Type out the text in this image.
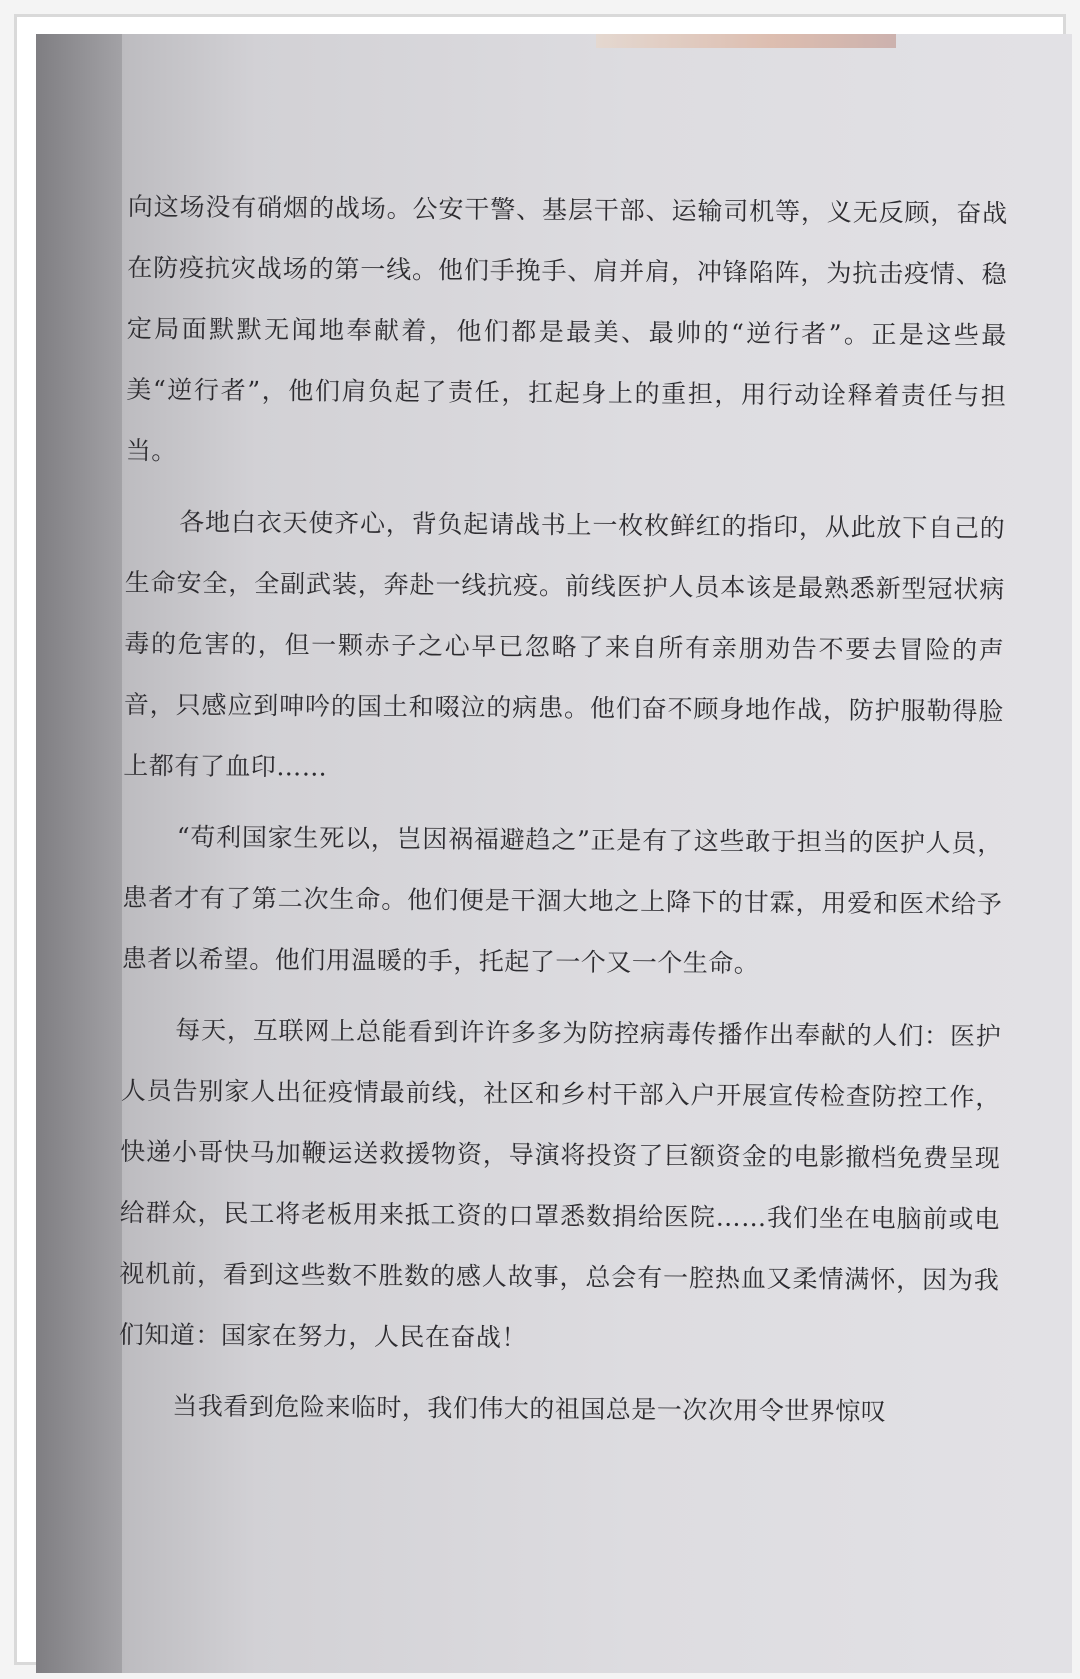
向这场没有硝烟的战场。公安干警、基层干部、运输司机等，义无反顾，奋战在防疫抗灾战场的第一线。他们手挽手、肩并肩，冲锋陷阵，为抗击疫情、稳定局面默默无闻地奉献着，他们都是最美、最帅的“逆行者”。正是这些最美“逆行者”，他们肩负起了责任，扛起身上的重担，用行动诠释着责任与担当。

各地白衣天使齐心，背负起请战书上一枚枚鲜红的指印，从此放下自己的生命安全，全副武装，奔赴一线抗疫。前线医护人员本该是最熟悉新型冠状病毒的危害的，但一颗赤子之心早已忽略了来自所有亲朋劝告不要去冒险的声音，只感应到呻吟的国土和啜泣的病患。他们奋不顾身地作战，防护服勒得脸上都有了血印……

“苟利国家生死以，岂因祸福避趋之”正是有了这些敢于担当的医护人员，患者才有了第二次生命。他们便是干涸大地之上降下的甘霖，用爱和医术给予患者以希望。他们用温暖的手，托起了一个又一个生命。

每天，互联网上总能看到许许多多为防控病毒传播作出奉献的人们：医护人员告别家人出征疫情最前线，社区和乡村干部入户开展宣传检查防控工作，快递小哥快马加鞭运送救援物资，导演将投资了巨额资金的电影撤档免费呈现给群众，民工将老板用来抵工资的口罩悉数捐给医院……我们坐在电脑前或电视机前，看到这些数不胜数的感人故事，总会有一腔热血又柔情满怀，因为我们知道：国家在努力，人民在奋战！

当我看到危险来临时，我们伟大的祖国总是一次次用令世界惊叹
